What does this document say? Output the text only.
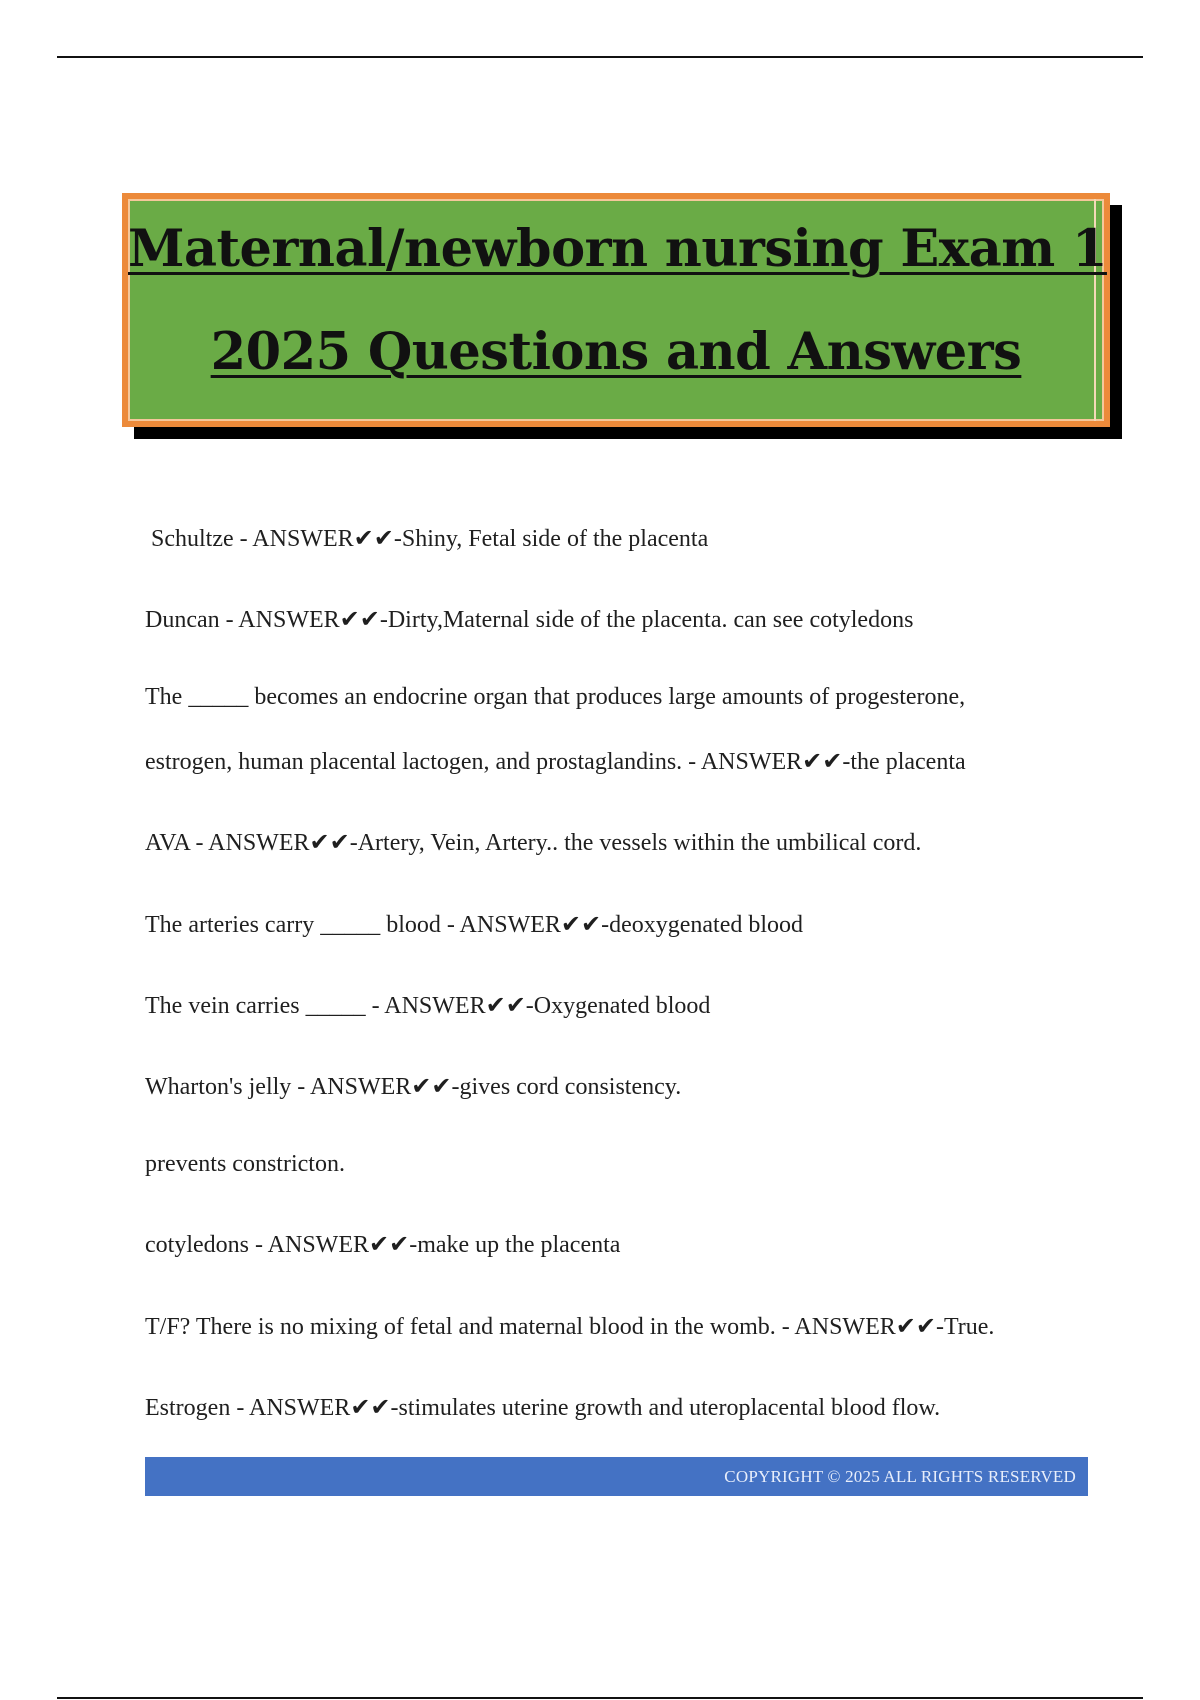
Maternal/newborn nursing Exam 1
2025 Questions and Answers

Schultze - ANSWER✔✔-Shiny, Fetal side of the placenta

Duncan - ANSWER✔✔-Dirty,Maternal side of the placenta. can see cotyledons

The _____ becomes an endocrine organ that produces large amounts of progesterone,

estrogen, human placental lactogen, and prostaglandins. - ANSWER✔✔-the placenta

AVA - ANSWER✔✔-Artery, Vein, Artery.. the vessels within the umbilical cord.

The arteries carry _____ blood - ANSWER✔✔-deoxygenated blood

The vein carries _____ - ANSWER✔✔-Oxygenated blood

Wharton's jelly - ANSWER✔✔-gives cord consistency.

prevents constricton.

cotyledons - ANSWER✔✔-make up the placenta

T/F? There is no mixing of fetal and maternal blood in the womb. - ANSWER✔✔-True.

Estrogen - ANSWER✔✔-stimulates uterine growth and uteroplacental blood flow.

COPYRIGHT © 2025 ALL RIGHTS RESERVED
